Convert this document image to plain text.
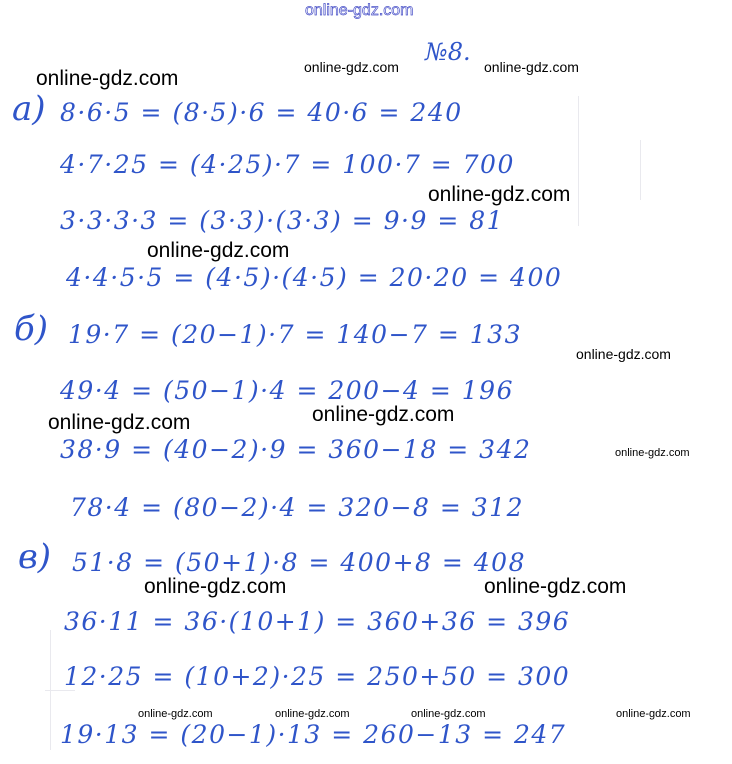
online-gdz.com
№8.
а)
б)
в)
8·6·5 = (8·5)·6 = 40·6 = 240
4·7·25 = (4·25)·7 = 100·7 = 700
3·3·3·3 = (3·3)·(3·3) = 9·9 = 81
4·4·5·5 = (4·5)·(4·5) = 20·20 = 400
19·7 = (20−1)·7 = 140−7 = 133
49·4 = (50−1)·4 = 200−4 = 196
38·9 = (40−2)·9 = 360−18 = 342
78·4 = (80−2)·4 = 320−8 = 312
51·8 = (50+1)·8 = 400+8 = 408
36·11 = 36·(10+1) = 360+36 = 396
12·25 = (10+2)·25 = 250+50 = 300
19·13 = (20−1)·13 = 260−13 = 247
online-gdz.com	online-gdz.com	online-gdz.com
online-gdz.com
online-gdz.com
online-gdz.com
online-gdz.com
online-gdz.com
online-gdz.com
online-gdz.com	online-gdz.com
online-gdz.com	online-gdz.com	online-gdz.com	online-gdz.com
